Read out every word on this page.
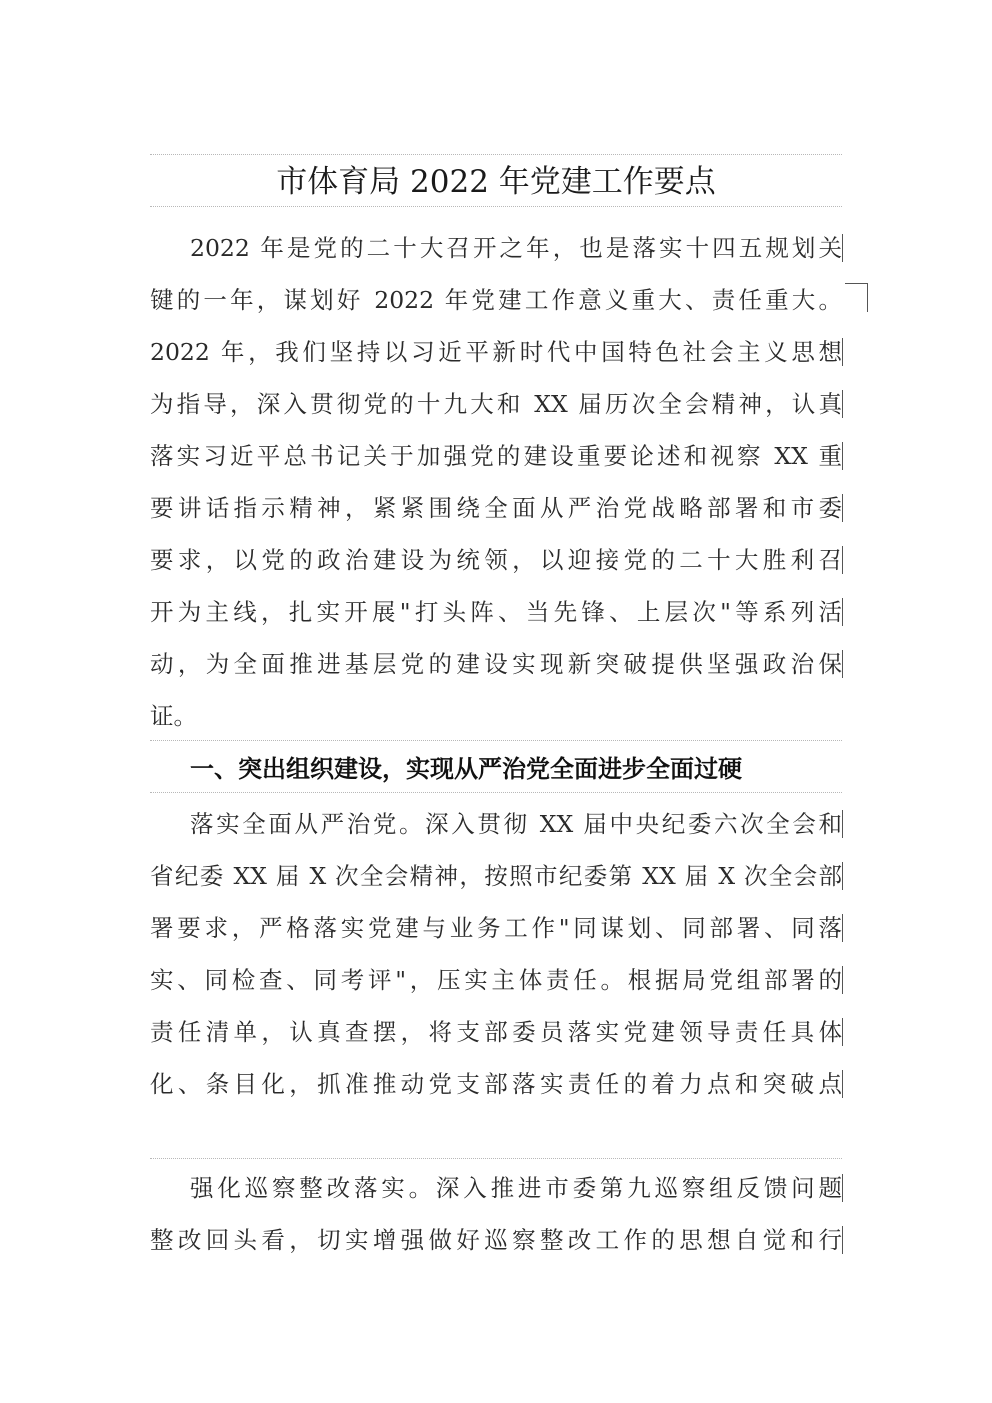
市体育局 2022 年党建工作要点
2022 年是党的二十大召开之年，也是落实十四五规划关
键的一年，谋划好 2022 年党建工作意义重大、责任重大。
2022 年，我们坚持以习近平新时代中国特色社会主义思想
为指导，深入贯彻党的十九大和 XX 届历次全会精神，认真
落实习近平总书记关于加强党的建设重要论述和视察 XX 重
要讲话指示精神，紧紧围绕全面从严治党战略部署和市委
要求，以党的政治建设为统领，以迎接党的二十大胜利召
开为主线，扎实开展"打头阵、当先锋、上层次"等系列活
动，为全面推进基层党的建设实现新突破提供坚强政治保
证。
一、突出组织建设，实现从严治党全面进步全面过硬
落实全面从严治党。深入贯彻 XX 届中央纪委六次全会和
省纪委 XX 届 X 次全会精神，按照市纪委第 XX 届 X 次全会部
署要求，严格落实党建与业务工作"同谋划、同部署、同落
实、同检查、同考评"，压实主体责任。根据局党组部署的
责任清单，认真查摆，将支部委员落实党建领导责任具体
化、条目化，抓准推动党支部落实责任的着力点和突破点
强化巡察整改落实。深入推进市委第九巡察组反馈问题
整改回头看，切实增强做好巡察整改工作的思想自觉和行
